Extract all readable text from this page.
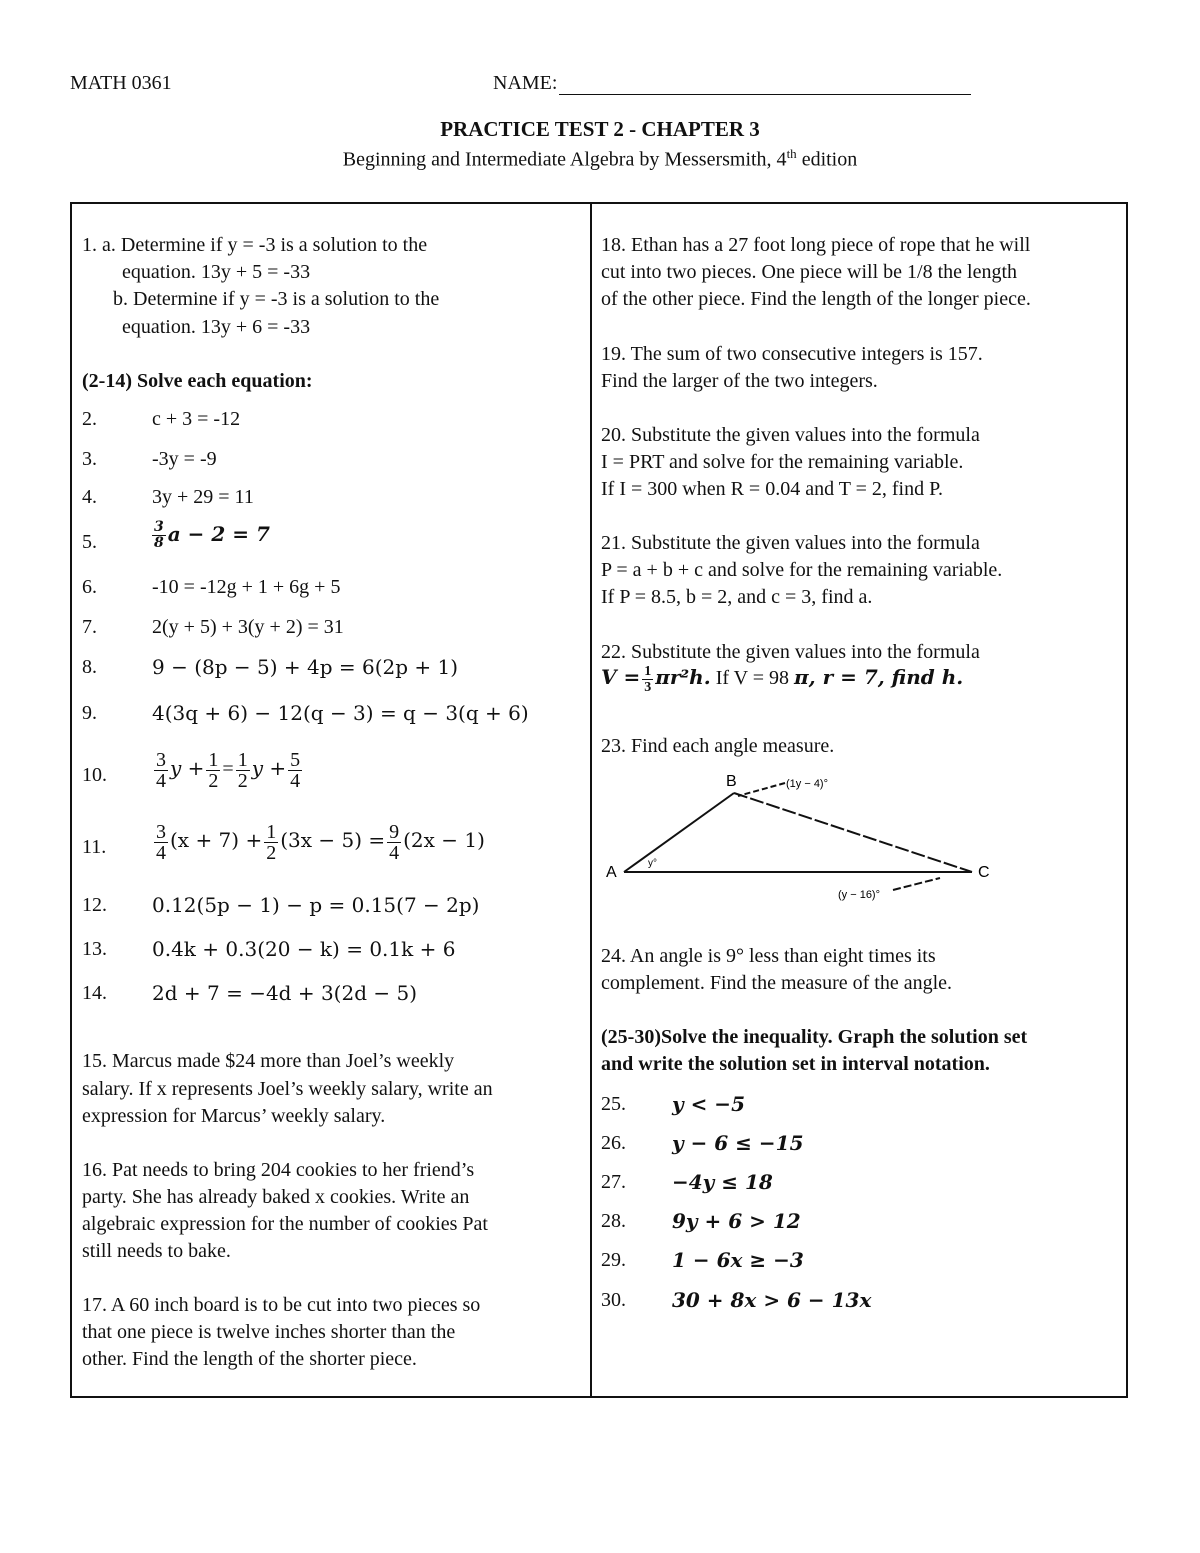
MATH 0361	NAME:
PRACTICE TEST 2 - CHAPTER 3
Beginning and Intermediate Algebra by Messersmith, 4th edition
1. a. Determine if y = -3 is a solution to the
equation. 13y + 5 = -33
b. Determine if y = -3 is a solution to the
equation. 13y + 6 = -33
(2-14) Solve each equation:
2.	c + 3 = -12
3.	-3y = -9
4.	3y + 29 = 11
5.	$\frac{3}{8}$ a − 2 = 7
6.	-10 = -12g + 1 + 6g + 5
7.	2(y + 5) + 3(y + 2) = 31
8.	9 − (8p − 5) + 4p = 6(2p + 1)
9.	4(3q + 6) − 12(q − 3) = q − 3(q + 6)
10. $\frac{3}{4}$ $y + \frac{1}{2} = \frac{1}{2}$ $y + \frac{5}{4}$
11. $\frac{3}{4} (x + 7) + \frac{1}{2} (3x - 5) = \frac{9}{4} (2x - 1)$
12. 0.12(5p − 1) − p = 0.15(7 − 2p)
13. 0.4k + 0.3(20 − k) = 0.1k + 6
14. 2d + 7 = −4d + 3(2d − 5)
15. Marcus made $24 more than Joel’s weekly
salary. If x represents Joel’s weekly salary, write an
expression for Marcus’ weekly salary.
16. Pat needs to bring 204 cookies to her friend’s
party. She has already baked x cookies. Write an
algebraic expression for the number of cookies Pat
still needs to bake.
17. A 60 inch board is to be cut into two pieces so
that one piece is twelve inches shorter than the
other. Find the length of the shorter piece.
18. Ethan has a 27 foot long piece of rope that he will
cut into two pieces. One piece will be 1/8 the length
of the other piece. Find the length of the longer piece.
19. The sum of two consecutive integers is 157.
Find the larger of the two integers.
20. Substitute the given values into the formula
I = PRT and solve for the remaining variable.
If I = 300 when R = 0.04 and T = 2, find P.
21. Substitute the given values into the formula
P = a + b + c and solve for the remaining variable.
If P = 8.5, b = 2, and c = 3, find a.
22. Substitute the given values into the formula
$V = \frac{1}{3} \pi r^2h$. If V = 98 π, r = 7, find h.
23. Find each angle measure.
A
B
C
y°
(1y − 4)°
(y − 16)°
24. An angle is 9° less than eight times its
complement. Find the measure of the angle.
(25-30)Solve the inequality. Graph the solution set
and write the solution set in interval notation.
25. y < −5
26. y − 6 ≤ −15
27. −4y ≤ 18
28. 9y + 6 > 12
29. 1 − 6x ≥ −3
30. 30 + 8x > 6 − 13x
